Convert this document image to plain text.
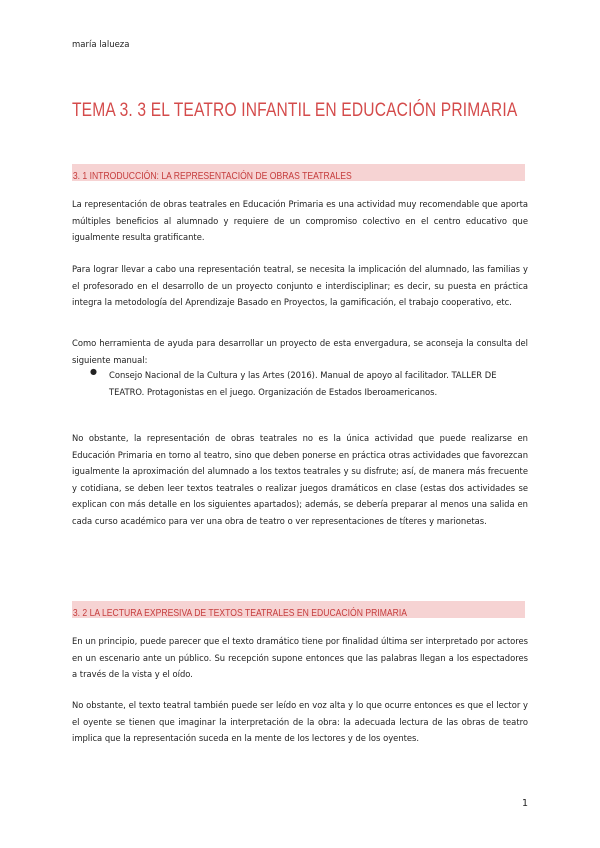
maría lalueza
TEMA 3. 3 EL TEATRO INFANTIL EN EDUCACIÓN PRIMARIA
3. 1 INTRODUCCIÓN: LA REPRESENTACIÓN DE OBRAS TEATRALES

La representación de obras teatrales en Educación Primaria es una actividad muy recomendable que aporta múltiples beneficios al alumnado y requiere de un compromiso colectivo en el centro educativo que igualmente resulta gratificante.

Para lograr llevar a cabo una representación teatral, se necesita la implicación del alumnado, las familias y el profesorado en el desarrollo de un proyecto conjunto e interdisciplinar; es decir, su puesta en práctica integra la metodología del Aprendizaje Basado en Proyectos, la gamificación, el trabajo cooperativo, etc.

Como herramienta de ayuda para desarrollar un proyecto de esta envergadura, se aconseja la consulta del siguiente manual:

● Consejo Nacional de la Cultura y las Artes (2016). Manual de apoyo al facilitador. TALLER DE TEATRO. Protagonistas en el juego. Organización de Estados Iberoamericanos.

No obstante, la representación de obras teatrales no es la única actividad que puede realizarse en Educación Primaria en torno al teatro, sino que deben ponerse en práctica otras actividades que favorezcan igualmente la aproximación del alumnado a los textos teatrales y su disfrute; así, de manera más frecuente y cotidiana, se deben leer textos teatrales o realizar juegos dramáticos en clase (estas dos actividades se explican con más detalle en los siguientes apartados); además, se debería preparar al menos una salida en cada curso académico para ver una obra de teatro o ver representaciones de títeres y marionetas.

3. 2 LA LECTURA EXPRESIVA DE TEXTOS TEATRALES EN EDUCACIÓN PRIMARIA

En un principio, puede parecer que el texto dramático tiene por finalidad última ser interpretado por actores en un escenario ante un público. Su recepción supone entonces que las palabras llegan a los espectadores a través de la vista y el oído.

No obstante, el texto teatral también puede ser leído en voz alta y lo que ocurre entonces es que el lector y el oyente se tienen que imaginar la interpretación de la obra: la adecuada lectura de las obras de teatro implica que la representación suceda en la mente de los lectores y de los oyentes.

1
